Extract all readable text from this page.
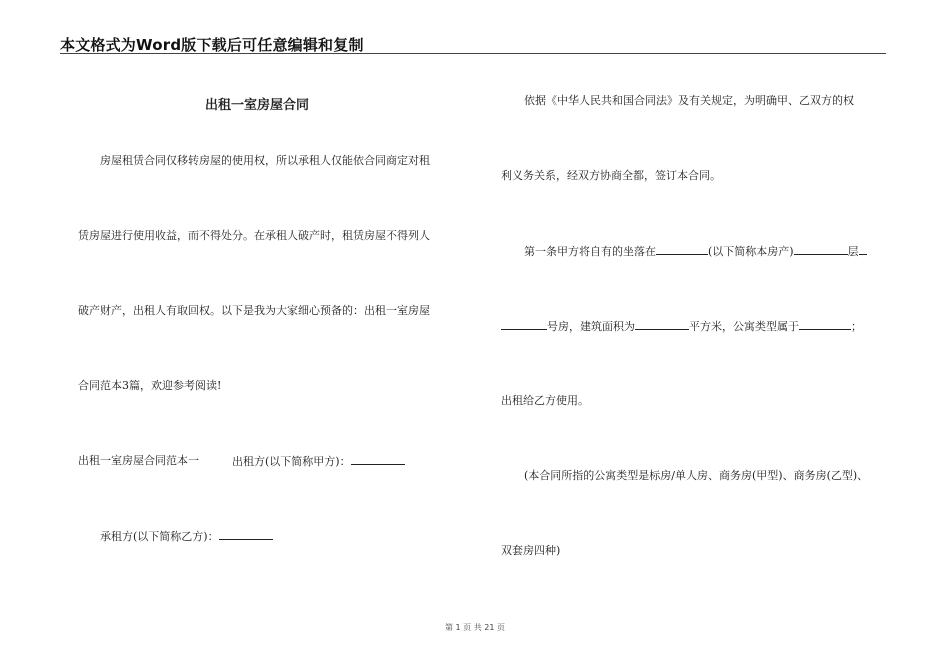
本文格式为Word版下载后可任意编辑和复制
出租一室房屋合同
房屋租赁合同仅移转房屋的使用权，所以承租人仅能依合同商定对租
赁房屋进行使用收益，而不得处分。在承租人破产时，租赁房屋不得列人
破产财产，出租人有取回权。以下是我为大家细心预备的：出租一室房屋
合同范本3篇，欢迎参考阅读!
出租一室房屋合同范本一	出租方(以下简称甲方)：
承租方(以下简称乙方)：
依据《中华人民共和国合同法》及有关规定，为明确甲、乙双方的权
利义务关系，经双方协商全都，签订本合同。
第一条甲方将自有的坐落在	(以下简称本房产)	层
号房，建筑面积为	平方米，公寓类型属于	；
出租给乙方使用。
(本合同所指的公寓类型是标房/单人房、商务房(甲型)、商务房(乙型)、
双套房四种)
第 1 页 共 21 页
